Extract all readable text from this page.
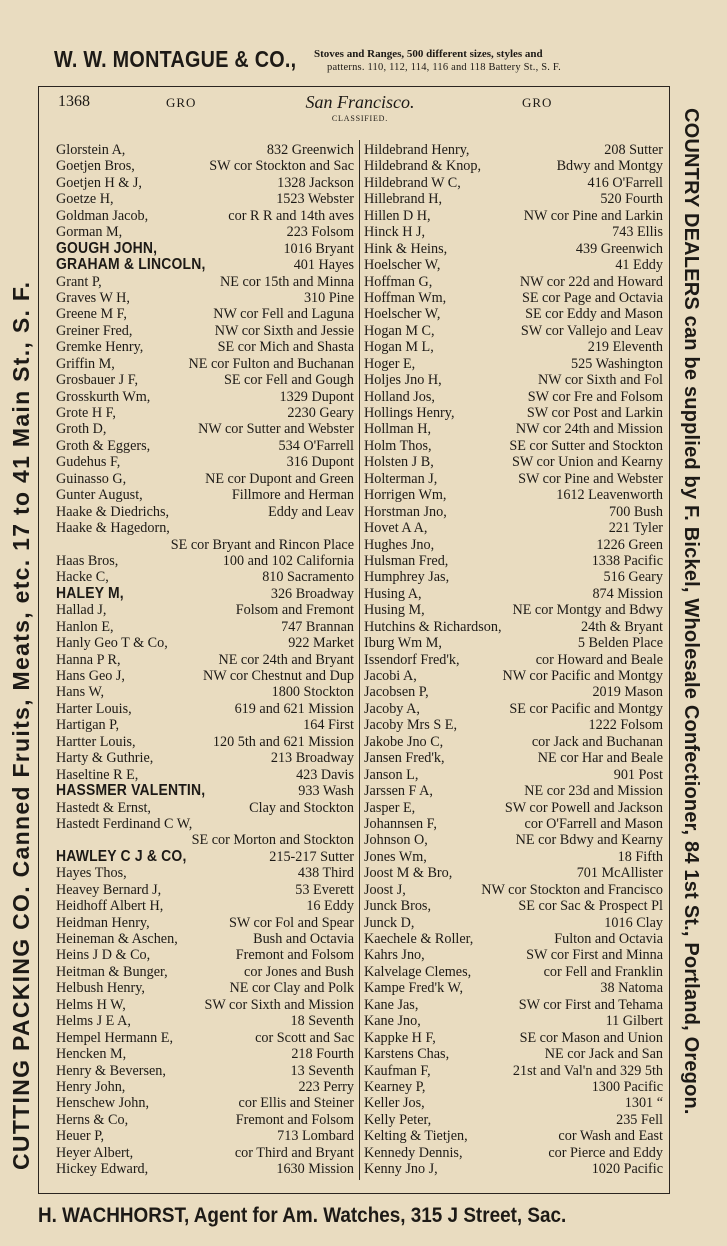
W. W. MONTAGUE & CO., Stoves and Ranges, 500 different sizes, styles and
patterns. 110, 112, 114, 116 and 118 Battery St., S. F.
CUTTING PACKING CO. Canned Fruits, Meats, etc. 17 to 41 Main St., S. F.	COUNTRY DEALERS can be supplied by F. Bickel, Wholesale Confectioner, 84 1st St., Portland, Oregon.
San Francisco.
1368	GRO	GRO
CLASSIFIED.
Glorstein A,	832 Greenwich
Goetjen Bros,	SW cor Stockton and Sac
Goetjen H & J,	1328 Jackson
Goetze H,	1523 Webster
Goldman Jacob,	cor R R and 14th aves
Gorman M,	223 Folsom
GOUGH JOHN,	1016 Bryant
GRAHAM & LINCOLN,	401 Hayes
Grant P,	NE cor 15th and Minna
Graves W H,	310 Pine
Greene M F,	NW cor Fell and Laguna
Greiner Fred,	NW cor Sixth and Jessie
Gremke Henry,	SE cor Mich and Shasta
Griffin M,	NE cor Fulton and Buchanan
Grosbauer J F,	SE cor Fell and Gough
Grosskurth Wm,	1329 Dupont
Grote H F,	2230 Geary
Groth D,	NW cor Sutter and Webster
Groth & Eggers,	534 O'Farrell
Gudehus F,	316 Dupont
Guinasso G,	NE cor Dupont and Green
Gunter August,	Fillmore and Herman
Haake & Diedrichs,	Eddy and Leav
Haake & Hagedorn,
SE cor Bryant and Rincon Place
Haas Bros,	100 and 102 California
Hacke C,	810 Sacramento
HALEY M,	326 Broadway
Hallad J,	Folsom and Fremont
Hanlon E,	747 Brannan
Hanly Geo T & Co,	922 Market
Hanna P R,	NE cor 24th and Bryant
Hans Geo J,	NW cor Chestnut and Dup
Hans W,	1800 Stockton
Harter Louis,	619 and 621 Mission
Hartigan P,	164 First
Hartter Louis,	120 5th and 621 Mission
Harty & Guthrie,	213 Broadway
Haseltine R E,	423 Davis
HASSMER VALENTIN,	933 Wash
Hastedt & Ernst,	Clay and Stockton
Hastedt Ferdinand C W,
SE cor Morton and Stockton
HAWLEY C J & CO,	215-217 Sutter
Hayes Thos,	438 Third
Heavey Bernard J,	53 Everett
Heidhoff Albert H,	16 Eddy
Heidman Henry,	SW cor Fol and Spear
Heineman & Aschen,	Bush and Octavia
Heins J D & Co,	Fremont and Folsom
Heitman & Bunger,	cor Jones and Bush
Helbush Henry,	NE cor Clay and Polk
Helms H W,	SW cor Sixth and Mission
Helms J E A,	18 Seventh
Hempel Hermann E,	cor Scott and Sac
Hencken M,	218 Fourth
Henry & Beversen,	13 Seventh
Henry John,	223 Perry
Henschew John,	cor Ellis and Steiner
Herns & Co,	Fremont and Folsom
Heuer P,	713 Lombard
Heyer Albert,	cor Third and Bryant
Hickey Edward,	1630 Mission
Hildebrand Henry,	208 Sutter
Hildebrand & Knop,	Bdwy and Montgy
Hildebrand W C,	416 O'Farrell
Hillebrand H,	520 Fourth
Hillen D H,	NW cor Pine and Larkin
Hinck H J,	743 Ellis
Hink & Heins,	439 Greenwich
Hoelscher W,	41 Eddy
Hoffman G,	NW cor 22d and Howard
Hoffman Wm,	SE cor Page and Octavia
Hoelscher W,	SE cor Eddy and Mason
Hogan M C,	SW cor Vallejo and Leav
Hogan M L,	219 Eleventh
Hoger E,	525 Washington
Holjes Jno H,	NW cor Sixth and Fol
Holland Jos,	SW cor Fre and Folsom
Hollings Henry,	SW cor Post and Larkin
Hollman H,	NW cor 24th and Mission
Holm Thos,	SE cor Sutter and Stockton
Holsten J B,	SW cor Union and Kearny
Holterman J,	SW cor Pine and Webster
Horrigen Wm,	1612 Leavenworth
Horstman Jno,	700 Bush
Hovet A A,	221 Tyler
Hughes Jno,	1226 Green
Hulsman Fred,	1338 Pacific
Humphrey Jas,	516 Geary
Husing A,	874 Mission
Husing M,	NE cor Montgy and Bdwy
Hutchins & Richardson,	24th & Bryant
Iburg Wm M,	5 Belden Place
Issendorf Fred'k,	cor Howard and Beale
Jacobi A,	NW cor Pacific and Montgy
Jacobsen P,	2019 Mason
Jacoby A,	SE cor Pacific and Montgy
Jacoby Mrs S E,	1222 Folsom
Jakobe Jno C,	cor Jack and Buchanan
Jansen Fred'k,	NE cor Har and Beale
Janson L,	901 Post
Jarssen F A,	NE cor 23d and Mission
Jasper E,	SW cor Powell and Jackson
Johannsen F,	cor O'Farrell and Mason
Johnson O,	NE cor Bdwy and Kearny
Jones Wm,	18 Fifth
Joost M & Bro,	701 McAllister
Joost J,	NW cor Stockton and Francisco
Junck Bros,	SE cor Sac & Prospect Pl
Junck D,	1016 Clay
Kaechele & Roller,	Fulton and Octavia
Kahrs Jno,	SW cor First and Minna
Kalvelage Clemes,	cor Fell and Franklin
Kampe Fred'k W,	38 Natoma
Kane Jas,	SW cor First and Tehama
Kane Jno,	11 Gilbert
Kappke H F,	SE cor Mason and Union
Karstens Chas,	NE cor Jack and San
Kaufman F,	21st and Val'n and 329 5th
Kearney P,	1300 Pacific
Keller Jos,	1301 “
Kelly Peter,	235 Fell
Kelting & Tietjen,	cor Wash and East
Kennedy Dennis,	cor Pierce and Eddy
Kenny Jno J,	1020 Pacific
H. WACHHORST, Agent for Am. Watches, 315 J Street, Sac.
